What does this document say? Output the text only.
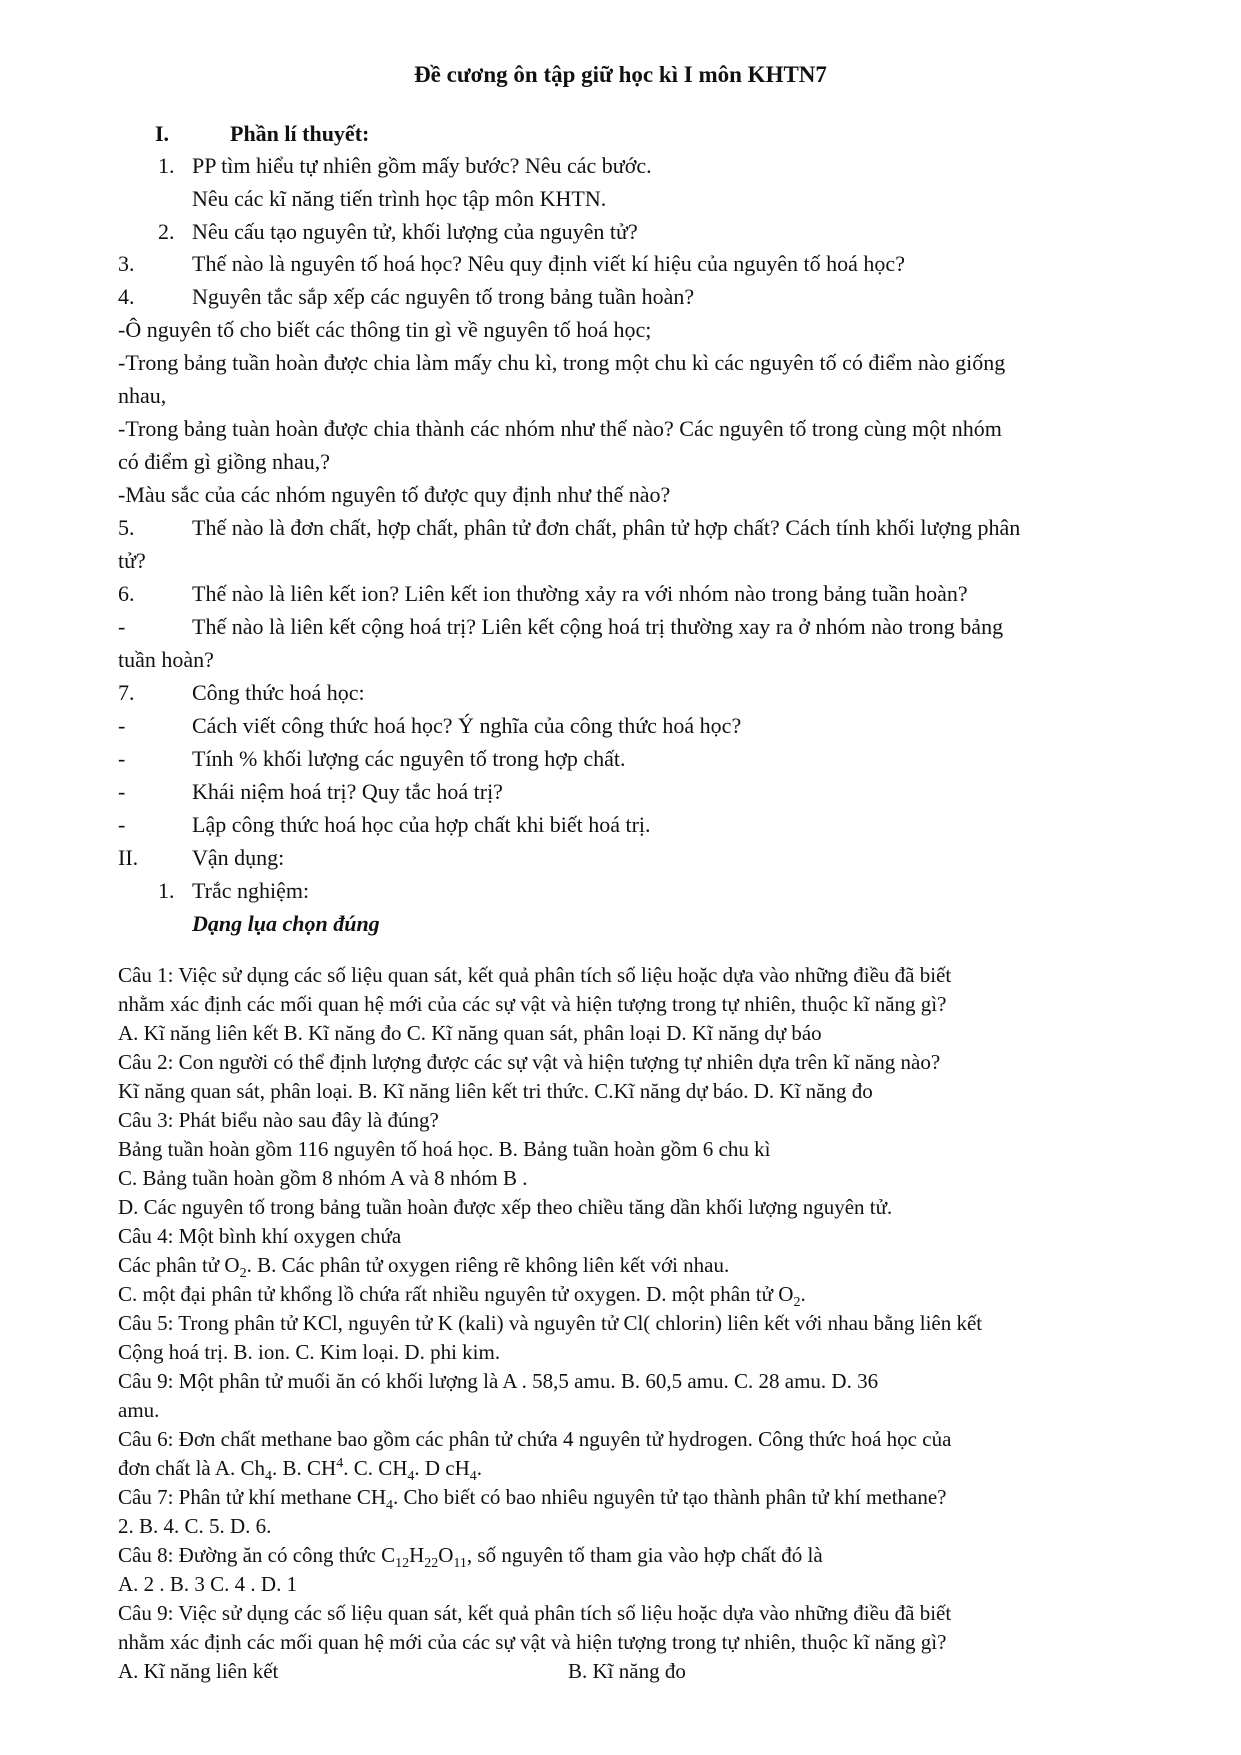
Đề cương ôn tập giữ học kì I môn KHTN7
I.	Phần lí thuyết:
1. PP tìm hiểu tự nhiên gồm mấy bước? Nêu các bước.
Nêu các kĩ năng tiến trình học tập môn KHTN.
2. Nêu cấu tạo nguyên tử, khối lượng của nguyên tử?
3.	Thế nào là nguyên tố hoá học? Nêu quy định viết kí hiệu của nguyên tố hoá học?
4.	Nguyên tắc sắp xếp các nguyên tố trong bảng tuần hoàn?
-Ô nguyên tố cho biết các thông tin gì về nguyên tố hoá học;
-Trong bảng tuần hoàn được chia làm mấy chu kì, trong một chu kì các nguyên tố có điểm nào giống
nhau,
-Trong bảng tuàn hoàn được chia thành các nhóm như thế nào? Các nguyên tố trong cùng một nhóm
có điểm gì giồng nhau,?
-Màu sắc của các nhóm nguyên tố được quy định như thế nào?
5.	Thế nào là đơn chất, hợp chất, phân tử đơn chất, phân tử hợp chất? Cách tính khối lượng phân
tử?
6.	Thế nào là liên kết ion? Liên kết ion thường xảy ra với nhóm nào trong bảng tuần hoàn?
-	Thế nào là liên kết cộng hoá trị? Liên kết cộng hoá trị thường xay ra ở nhóm nào trong bảng
tuần hoàn?
7.	Công thức hoá học:
-	Cách viết công thức hoá học? Ý nghĩa của công thức hoá học?
-	Tính % khối lượng các nguyên tố trong hợp chất.
-	Khái niệm hoá trị? Quy tắc hoá trị?
-	Lập công thức hoá học của hợp chất khi biết hoá trị.
II. Vận dụng:
1. Trắc nghiệm:
Dạng lụa chọn đúng
Câu 1: Việc sử dụng các số liệu quan sát, kết quả phân tích số liệu hoặc dựa vào những điều đã biết
nhằm xác định các mối quan hệ mới của các sự vật và hiện tượng trong tự nhiên, thuộc kĩ năng gì?
A. Kĩ năng liên kết B. Kĩ năng đo C. Kĩ năng quan sát, phân loại D. Kĩ năng dự báo
Câu 2: Con người có thể định lượng được các sự vật và hiện tượng tự nhiên dựa trên kĩ năng nào?
Kĩ năng quan sát, phân loại. B. Kĩ năng liên kết tri thức. C.Kĩ năng dự báo. D. Kĩ năng đo
Câu 3: Phát biểu nào sau đây là đúng?
Bảng tuần hoàn gồm 116 nguyên tố hoá học. B. Bảng tuần hoàn gồm 6 chu kì
C. Bảng tuần hoàn gồm 8 nhóm A và 8 nhóm B .
D. Các nguyên tố trong bảng tuần hoàn được xếp theo chiều tăng dần khối lượng nguyên tử.
Câu 4: Một bình khí oxygen chứa
Các phân tử $O_2$. B. Các phân tử oxygen riêng rẽ không liên kết với nhau.
C. một đại phân tử khổng lồ chứa rất nhiều nguyên tử oxygen. D. một phân tử $O_2$.
Câu 5: Trong phân tử KCl, nguyên tử K (kali) và nguyên tử Cl( chlorin) liên kết với nhau bằng liên kết
Cộng hoá trị. B. ion. C. Kim loại. D. phi kim.
Câu 9: Một phân tử muối ăn có khối lượng là A . 58,5 amu. B. 60,5 amu. C. 28 amu. D. 36
amu.
Câu 6: Đơn chất methane bao gồm các phân tử chứa 4 nguyên tử hydrogen. Công thức hoá học của
đơn chất là A. $Ch_4$. B. $CH^4$. C. $CH_4$. D $cH_4$.
Câu 7: Phân tử khí methane $CH_4$. Cho biết có bao nhiêu nguyên tử tạo thành phân tử khí methane?
2. B. 4. C. 5. D. 6.
Câu 8: Đường ăn có công thức $C_{12}H_{22}O_{11}$, số nguyên tố tham gia vào hợp chất đó là
A. 2 . B. 3 C. 4 . D. 1
Câu 9: Việc sử dụng các số liệu quan sát, kết quả phân tích số liệu hoặc dựa vào những điều đã biết
nhằm xác định các mối quan hệ mới của các sự vật và hiện tượng trong tự nhiên, thuộc kĩ năng gì?
A. Kĩ năng liên kết	B. Kĩ năng đo
